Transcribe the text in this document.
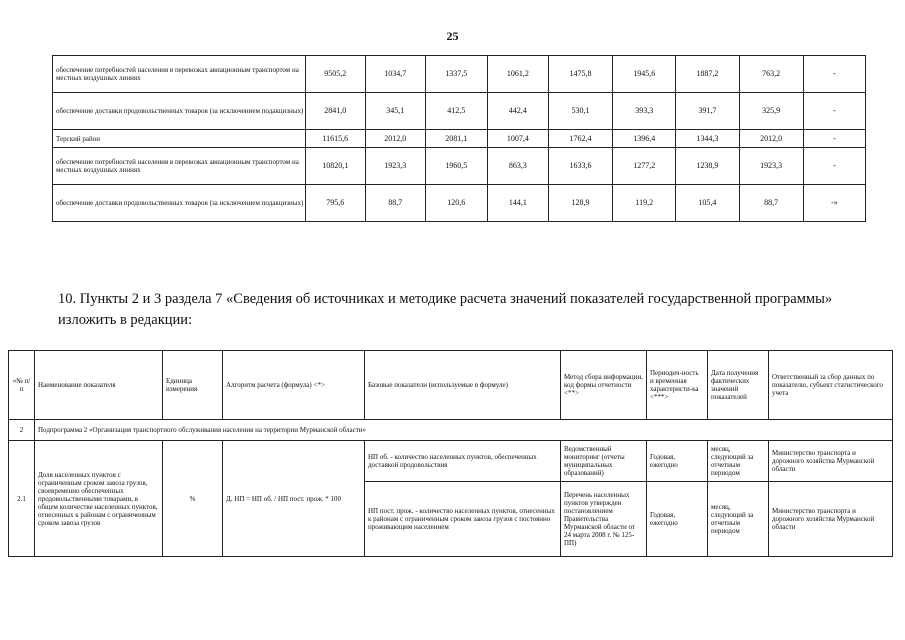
25
обеспечение потребностей населения в перевозках авиационным транспортом на местных воздушных линиях	9505,2	1034,7	1337,5	1061,2	1475,8	1945,6	1887,2	763,2	-
обеспечение доставки продовольственных товаров (за исключением подакцизных)	2841,0	345,1	412,5	442,4	530,1	393,3	391,7	325,9	-
Терский район	11615,6	2012,0	2081,1	1007,4	1762,4	1396,4	1344,3	2012,0	-
обеспечение потребностей населения в перевозках авиационным транспортом на местных воздушных линиях	10820,1	1923,3	1960,5	863,3	1633,6	1277,2	1238,9	1923,3	-
обеспечение доставки продовольственных товаров (за исключением подакцизных)	795,6	88,7	120,6	144,1	128,9	119,2	105,4	88,7	-»
10. Пункты 2 и 3 раздела 7 «Сведения об источниках и методике расчета значений показателей государственной программы» изложить в редакции:
«№ п/п	Наименование показателя	Единица измерения	Алгоритм расчета (формула) <*>	Базовые показатели (используемые в формуле)	Метод сбора информации, код формы отчетности <**>	Периодич-ность и временная характеристи-ка <***>	Дата получения фактических значений показателей	Ответственный за сбор данных по показателю, субъект статистического учета
2	Подпрограмма 2 «Организация транспортного обслуживания населения на территории Мурманской области»							
2.1	Доля населенных пунктов с ограниченным сроком завоза грузов, своевременно обеспеченных продовольственными товарами, в общем количестве населенных пунктов, отнесенных к районам с ограниченным сроком завоза грузов	%	Д. НП = НП об. / НП пост. прож. * 100	НП об. - количество населенных пунктов, обеспеченных доставкой продовольствия	Ведомственный мониторинг (отчеты муниципальных образований)	Годовая, ежегодно	месяц, следующий за отчетным периодом	Министерство транспорта и дорожного хозяйства Мурманской области
				НП пост. прож. - количество населенных пунктов, отнесенных к районам с ограниченным сроком завоза грузов с постоянно проживающим населением	Перечень населенных пунктов утвержден постановлением Правительства Мурманской области от 24 марта 2008 г. № 125-ПП)	Годовая, ежегодно	месяц, следующий за отчетным периодом	Министерство транспорта и дорожного хозяйства Мурманской области
